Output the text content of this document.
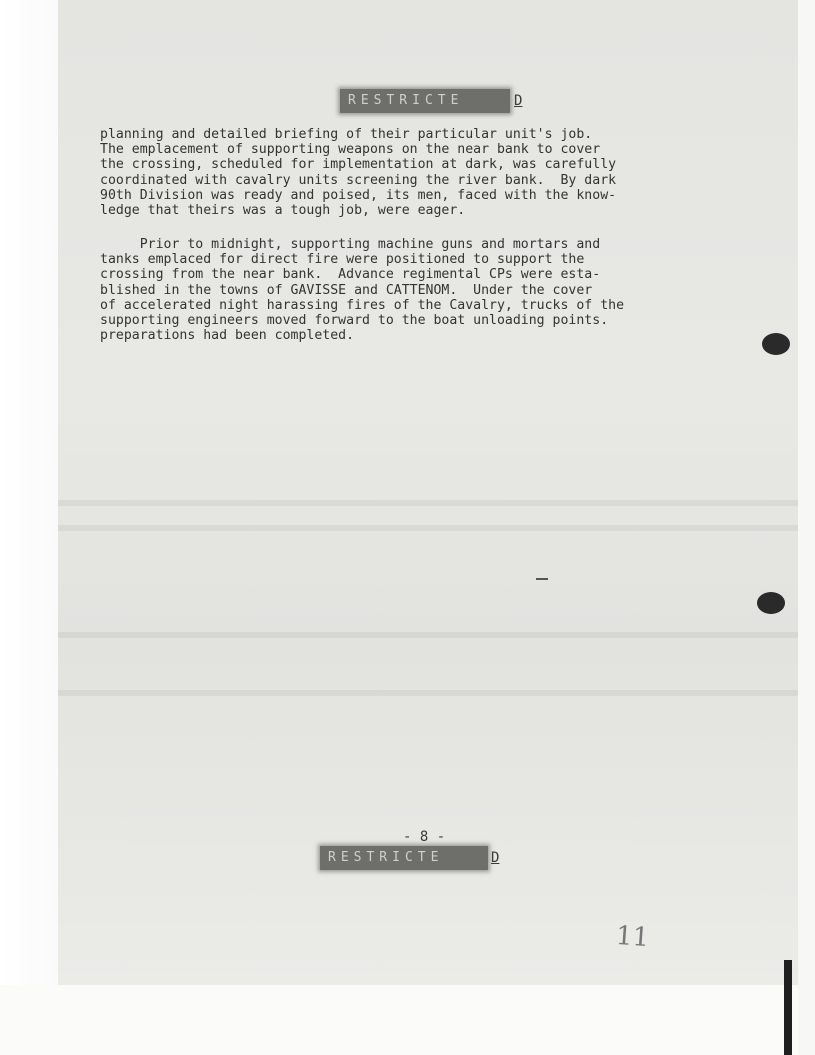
RESTRICTE	D

planning and detailed briefing of their particular unit's job.
The emplacement of supporting weapons on the near bank to cover
the crossing, scheduled for implementation at dark, was carefully
coordinated with cavalry units screening the river bank.  By dark
90th Division was ready and poised, its men, faced with the know-
ledge that theirs was a tough job, were eager.

Prior to midnight, supporting machine guns and mortars and
tanks emplaced for direct fire were positioned to support the
crossing from the near bank.  Advance regimental CPs were esta-
blished in the towns of GAVISSE and CATTENOM.  Under the cover
of accelerated night harassing fires of the Cavalry, trucks of the
supporting engineers moved forward to the boat unloading points.
preparations had been completed.

- 8 -
RESTRICTE	D
11
